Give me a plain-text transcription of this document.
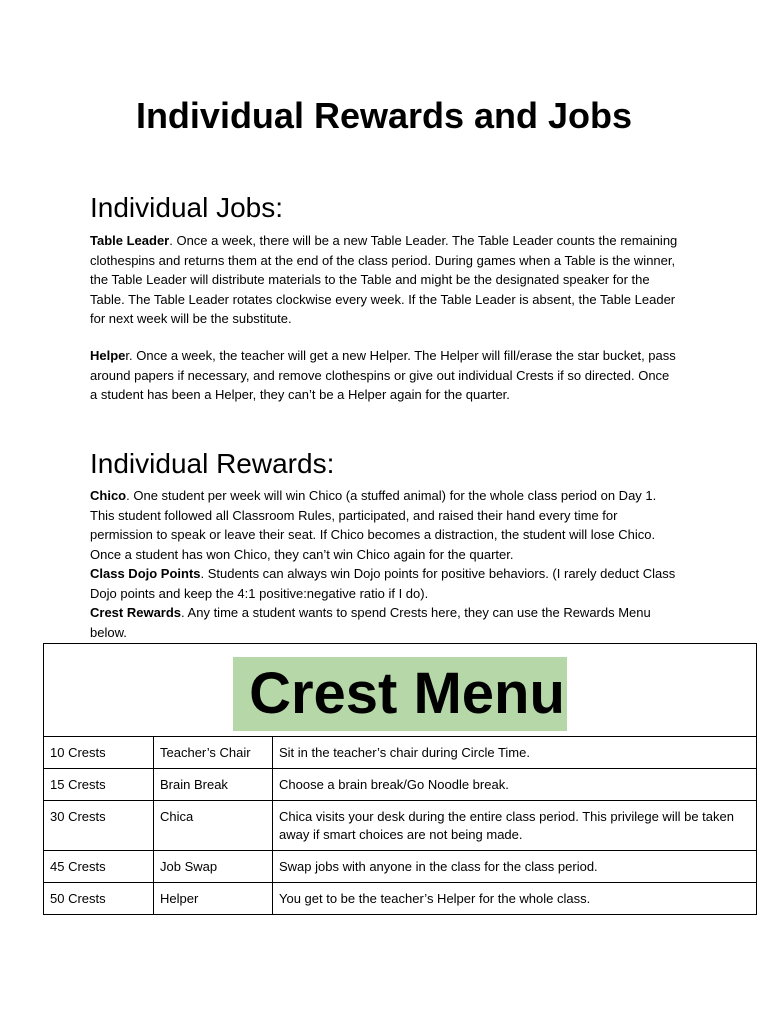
Individual Rewards and Jobs
Individual Jobs:

Table Leader. Once a week, there will be a new Table Leader. The Table Leader counts the remaining clothespins and returns them at the end of the class period. During games when a Table is the winner, the Table Leader will distribute materials to the Table and might be the designated speaker for the Table. The Table Leader rotates clockwise every week. If the Table Leader is absent, the Table Leader for next week will be the substitute.

Helper. Once a week, the teacher will get a new Helper. The Helper will fill/erase the star bucket, pass around papers if necessary, and remove clothespins or give out individual Crests if so directed. Once a student has been a Helper, they can’t be a Helper again for the quarter.

Individual Rewards:

Chico. One student per week will win Chico (a stuffed animal) for the whole class period on Day 1. This student followed all Classroom Rules, participated, and raised their hand every time for permission to speak or leave their seat. If Chico becomes a distraction, the student will lose Chico. Once a student has won Chico, they can’t win Chico again for the quarter.
Class Dojo Points. Students can always win Dojo points for positive behaviors. (I rarely deduct Class Dojo points and keep the 4:1 positive:negative ratio if I do).
Crest Rewards. Any time a student wants to spend Crests here, they can use the Rewards Menu below.

Crest Menu		
10 Crests	Teacher’s Chair	Sit in the teacher’s chair during Circle Time.
15 Crests	Brain Break	Choose a brain break/Go Noodle break.
30 Crests	Chica	Chica visits your desk during the entire class period. This privilege will be taken away if smart choices are not being made.
45 Crests	Job Swap	Swap jobs with anyone in the class for the class period.
50 Crests	Helper	You get to be the teacher’s Helper for the whole class.
